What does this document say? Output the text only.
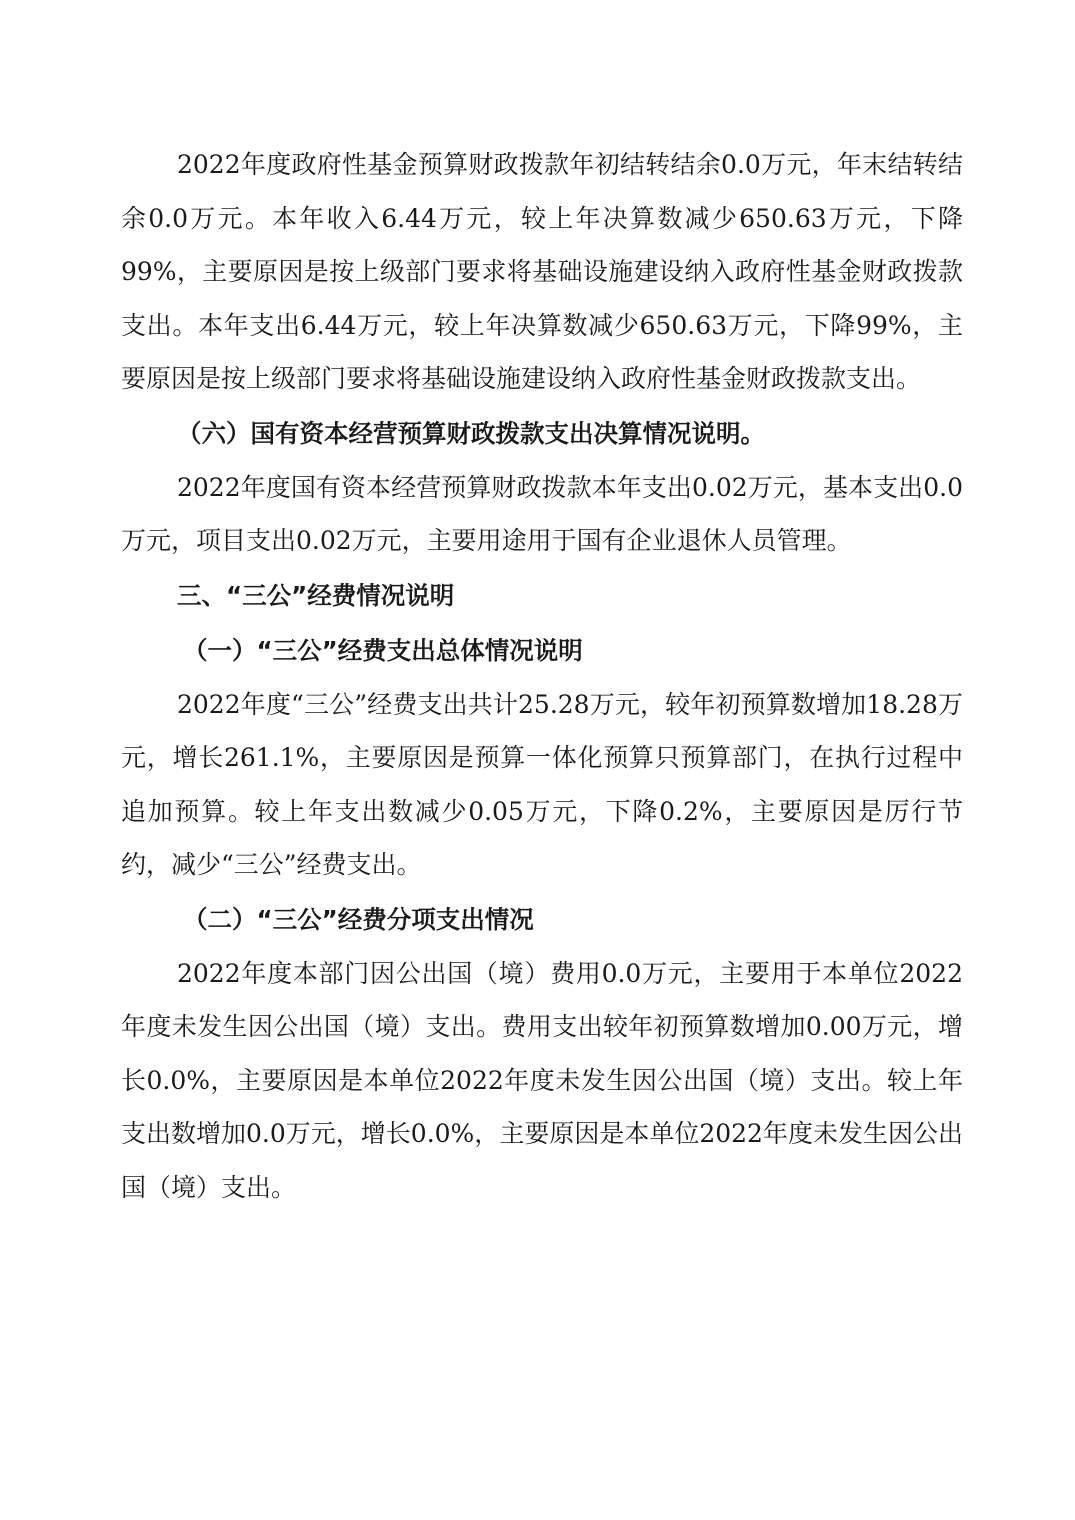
2022年度政府性基金预算财政拨款年初结转结余0.0万元，年末结转结余0.0万元。本年收入6.44万元，较上年决算数减少650.63万元，下降99%，主要原因是按上级部门要求将基础设施建设纳入政府性基金财政拨款支出。本年支出6.44万元，较上年决算数减少650.63万元，下降99%，主要原因是按上级部门要求将基础设施建设纳入政府性基金财政拨款支出。

（六）国有资本经营预算财政拨款支出决算情况说明。

2022年度国有资本经营预算财政拨款本年支出0.02万元，基本支出0.0万元，项目支出0.02万元，主要用途用于国有企业退休人员管理。

三、“三公”经费情况说明

（一）“三公”经费支出总体情况说明

2022年度“三公”经费支出共计25.28万元，较年初预算数增加18.28万元，增长261.1%，主要原因是预算一体化预算只预算部门，在执行过程中追加预算。较上年支出数减少0.05万元，下降0.2%，主要原因是厉行节约，减少“三公”经费支出。

（二）“三公”经费分项支出情况

2022年度本部门因公出国（境）费用0.0万元，主要用于本单位2022年度未发生因公出国（境）支出。费用支出较年初预算数增加0.00万元，增长0.0%，主要原因是本单位2022年度未发生因公出国（境）支出。较上年支出数增加0.0万元，增长0.0%，主要原因是本单位2022年度未发生因公出国（境）支出。
